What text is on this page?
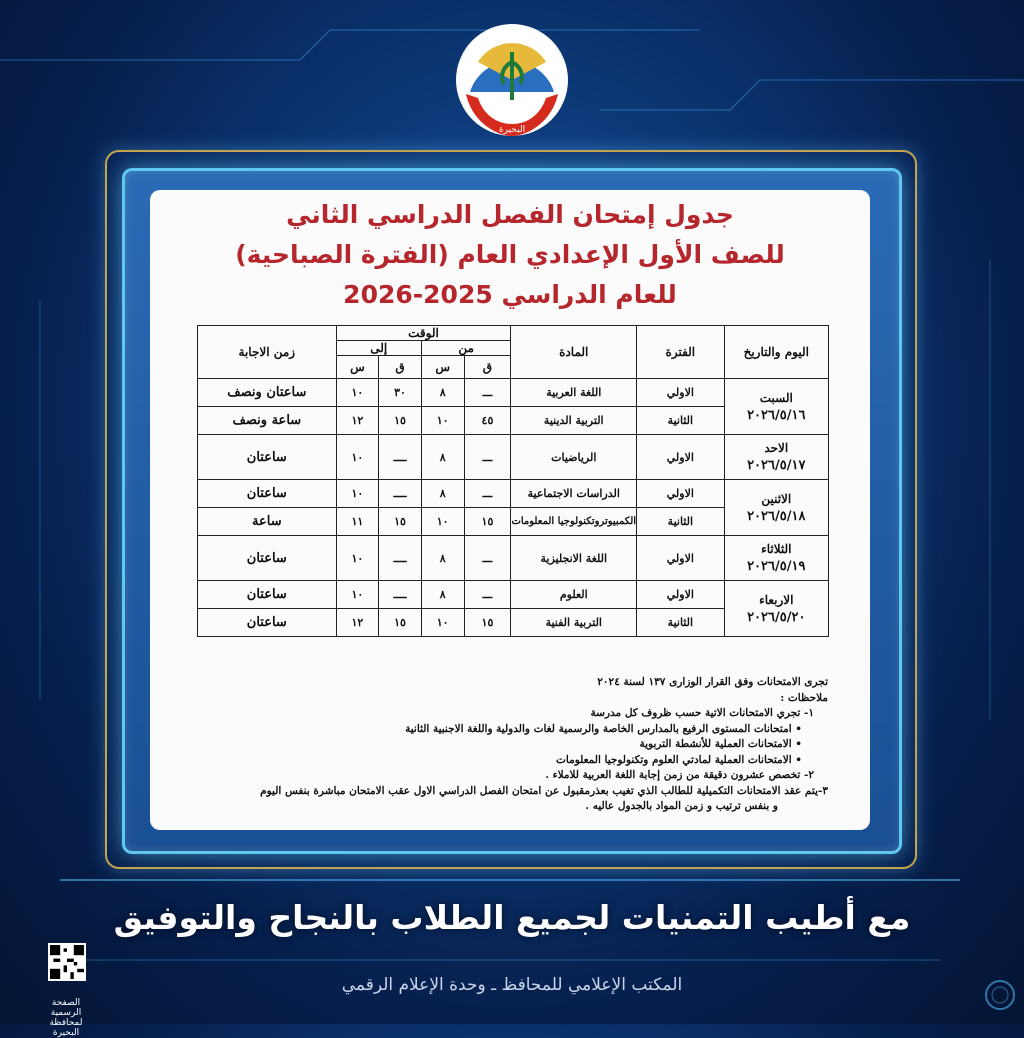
البحيرة
جدول إمتحان الفصل الدراسي الثاني
للصف الأول الإعدادي العام (الفترة الصباحية)
للعام الدراسي 2025-2026
اليوم والتاريخ	الفترة	المادة	الوقت				زمن الاجابة
			من		إلى		
			ق	س	ق	س	

السبت
٢٠٢٦/٥/١٦	الاولي	اللغة العربية	ـــ	٨	٣٠	١٠	ساعتان ونصف
	الثانية	التربية الدينية	٤٥	١٠	١٥	١٢	ساعة ونصف

الاحد
٢٠٢٦/٥/١٧	الاولي	الرياضيات	ـــ	٨	ــــ	١٠	ساعتان

الاثنين
٢٠٢٦/٥/١٨	الاولي	الدراسات الاجتماعية	ـــ	٨	ــــ	١٠	ساعتان
	الثانية	الكمبيوتروتكنولوجيا المعلومات	١٥	١٠	١٥	١١	ساعة

الثلاثاء
٢٠٢٦/٥/١٩	الاولي	اللغة الانجليزية	ـــ	٨	ــــ	١٠	ساعتان

الاربعاء
٢٠٢٦/٥/٢٠	الاولي	العلوم	ـــ	٨	ــــ	١٠	ساعتان
	الثانية	التربية الفنية	١٥	١٠	١٥	١٢	ساعتان
تجرى الامتحانات وفق القرار الوزارى ١٣٧ لسنة ٢٠٢٤
ملاحظات :
١- تجري الامتحانات الاتية حسب ظروف كل مدرسة
• امتحانات المستوى الرفيع بالمدارس الخاصة والرسمية لغات والدولية واللغة الاجنبية الثانية
• الامتحانات العملية للأنشطة التربوية
• الامتحانات العملية لمادتي العلوم وتكنولوجيا المعلومات
٢- تخصص عشرون دقيقة من زمن إجابة اللغة العربية للاملاء .
٣-يتم عقد الامتحانات التكميلية للطالب الذي تغيب بعذرمقبول عن امتحان الفصل الدراسي الاول عقب الامتحان مباشرة بنفس اليوم
و بنفس ترتيب و زمن المواد بالجدول عاليه .
مع أطيب التمنيات لجميع الطلاب بالنجاح والتوفيق
المكتب الإعلامي للمحافظ ـ وحدة الإعلام الرقمي
الصفحة الرسمية لمحافظة البحيرة
